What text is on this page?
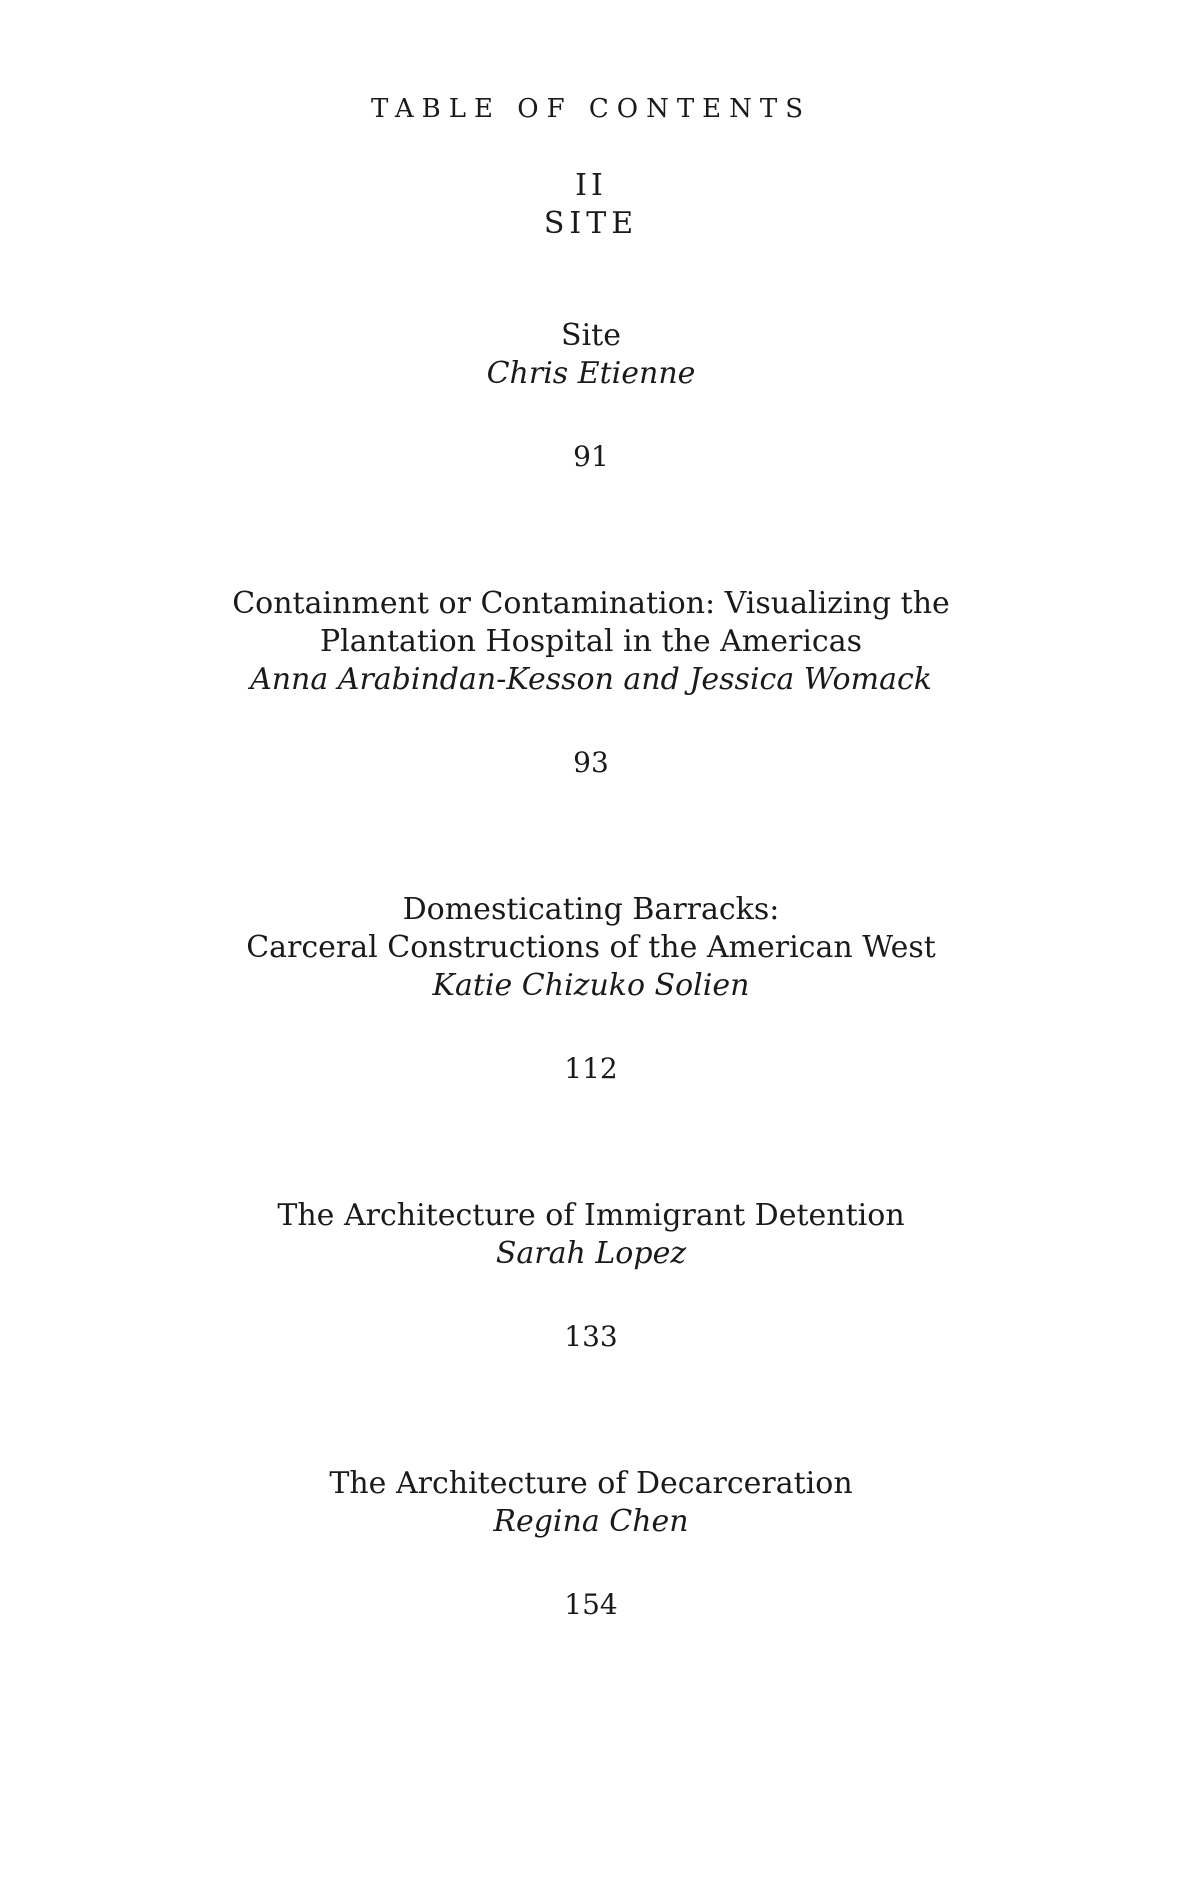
TABLE OF CONTENTS
II
SITE
Site
Chris Etienne
91
Containment or Contamination: Visualizing the
Plantation Hospital in the Americas
Anna Arabindan-Kesson and Jessica Womack
93
Domesticating Barracks:
Carceral Constructions of the American West
Katie Chizuko Solien
112
The Architecture of Immigrant Detention
Sarah Lopez
133
The Architecture of Decarceration
Regina Chen
154
